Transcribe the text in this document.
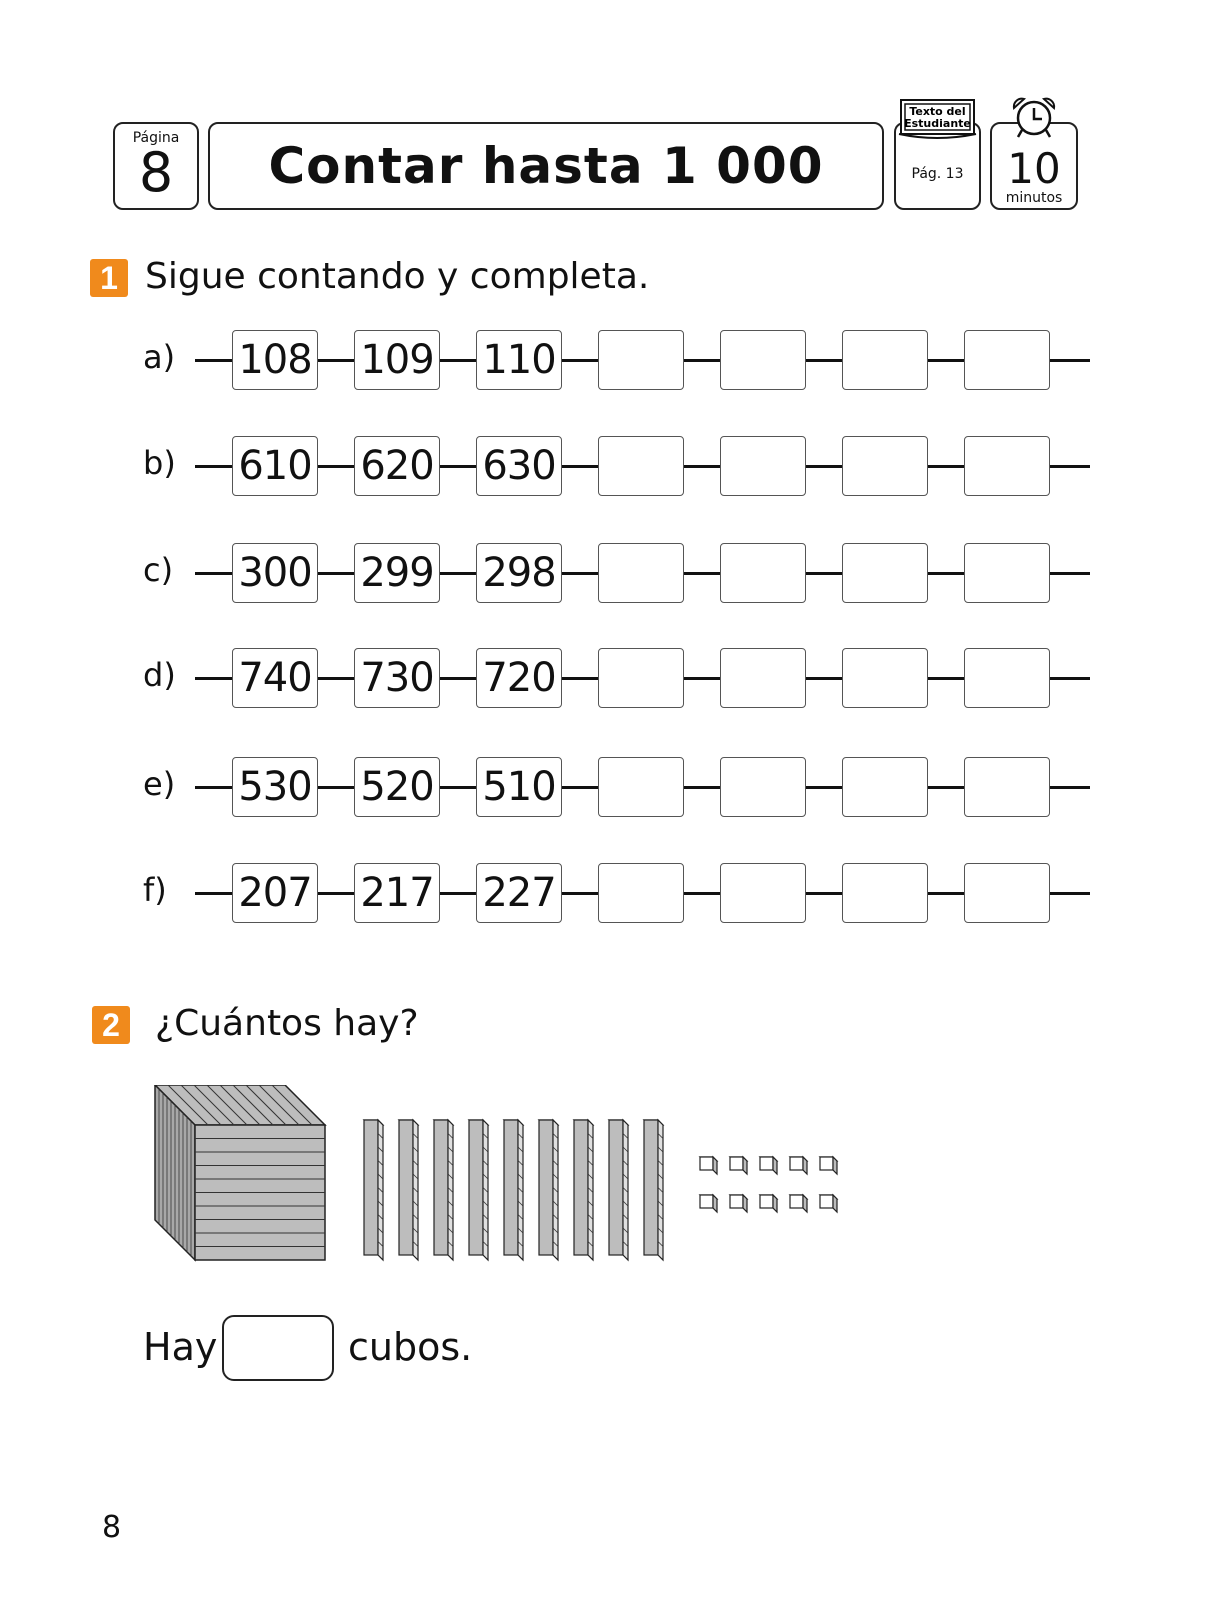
Página
8	Contar hasta 1 000	Pág. 13
Texto del
Estudiante
10
minutos
1 Sigue contando y completa.
a) 108 109 110
b) 610 620 630
c) 300 299 298
d) 740 730 720
e) 530 520 510
f)	207 217 227
2 ¿Cuántos hay?
Hay	cubos.
8
